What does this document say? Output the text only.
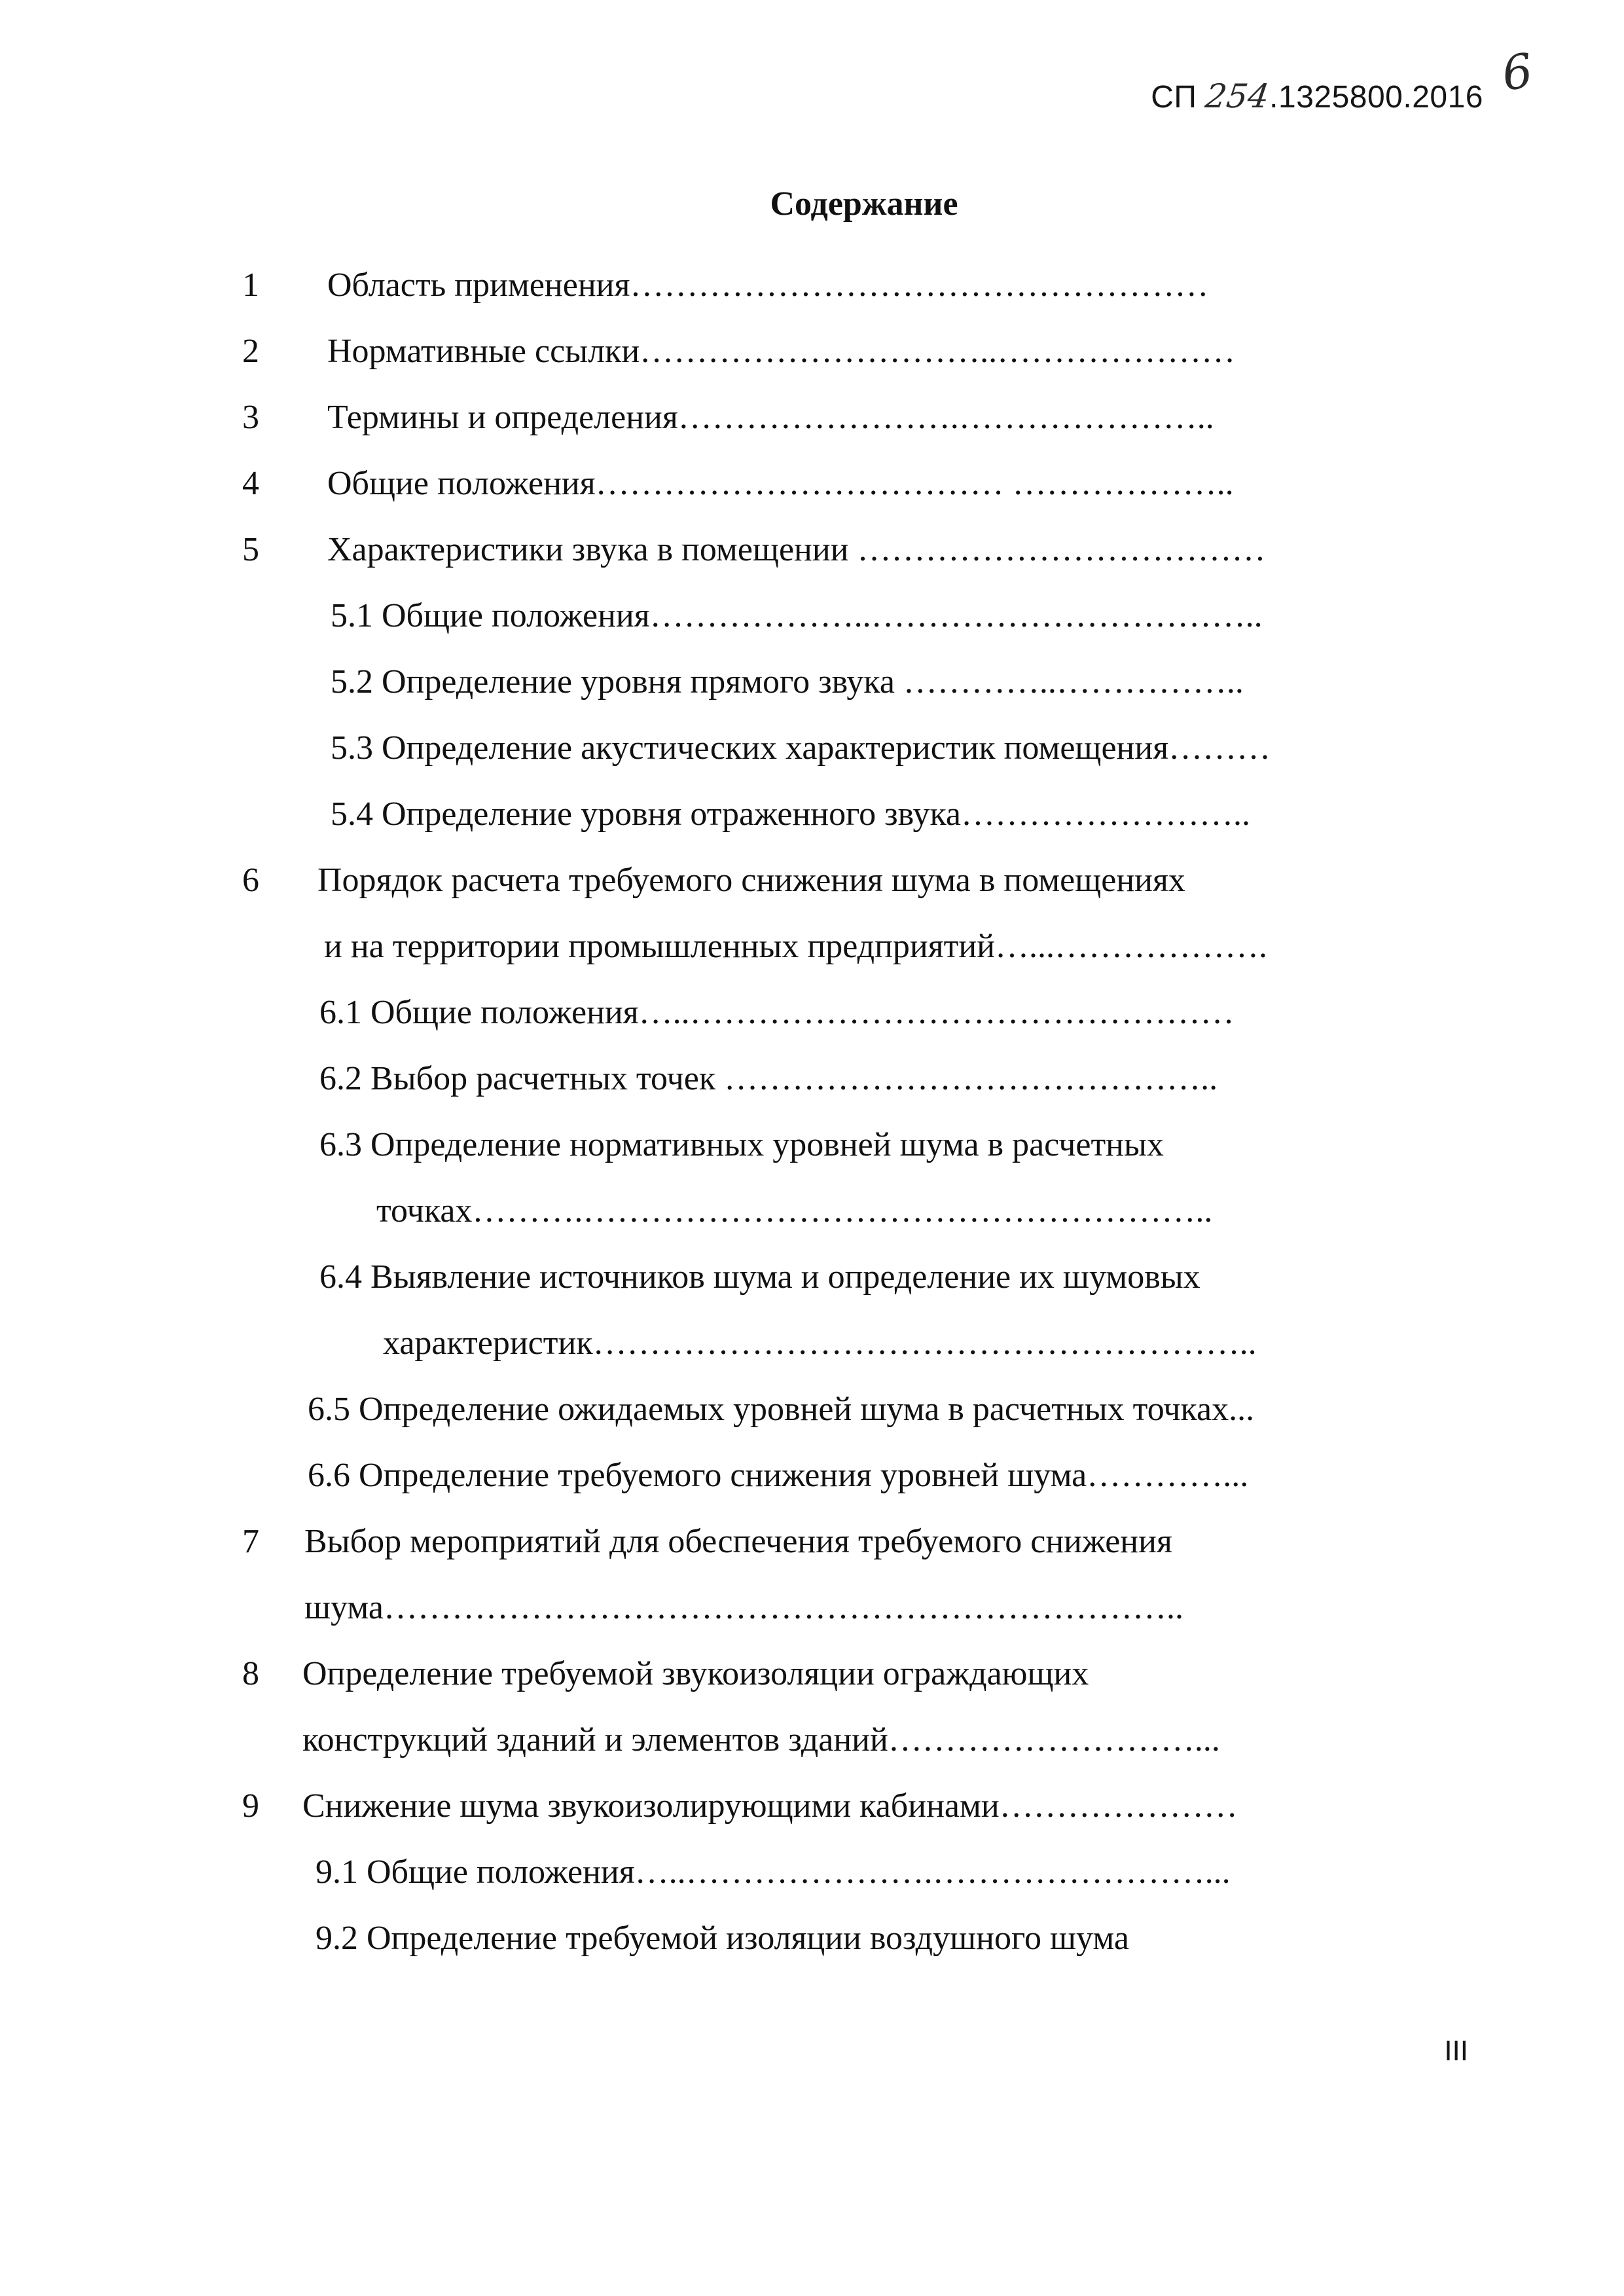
СП 254.1325800.2016 6
Содержание
1 Область применения……………………………………………
2 Нормативные ссылки…………………………..…………………
3 Термины и определения…………………….…………………..
4 Общие положения……………………………… ………………..
5 Характеристики звука в помещении ………………………………
5.1 Общие положения………………..……………………………..
5.2 Определение уровня прямого звука …………..……………..
5.3 Определение акустических характеристик помещения………
5.4 Определение уровня отраженного звука……………………..
6 Порядок расчета требуемого снижения шума в помещениях
и на территории промышленных предприятий…...……………….
6.1 Общие положения…..…………………………………………
6.2 Выбор расчетных точек ……………………………………..
6.3 Определение нормативных уровней шума в расчетных
точках……….………………………………………………..
6.4 Выявление источников шума и определение их шумовых
характеристик…………………………………………………..
6.5 Определение ожидаемых уровней шума в расчетных точках...
6.6 Определение требуемого снижения уровней шума…………...
7 Выбор мероприятий для обеспечения требуемого снижения
шума……………………………………………………………..
8 Определение требуемой звукоизоляции ограждающих
конструкций зданий и элементов зданий………………………...
9 Снижение шума звукоизолирующими кабинами…………………
9.1 Общие положения…..………………….……………………...
9.2 Определение требуемой изоляции воздушного шума
III
